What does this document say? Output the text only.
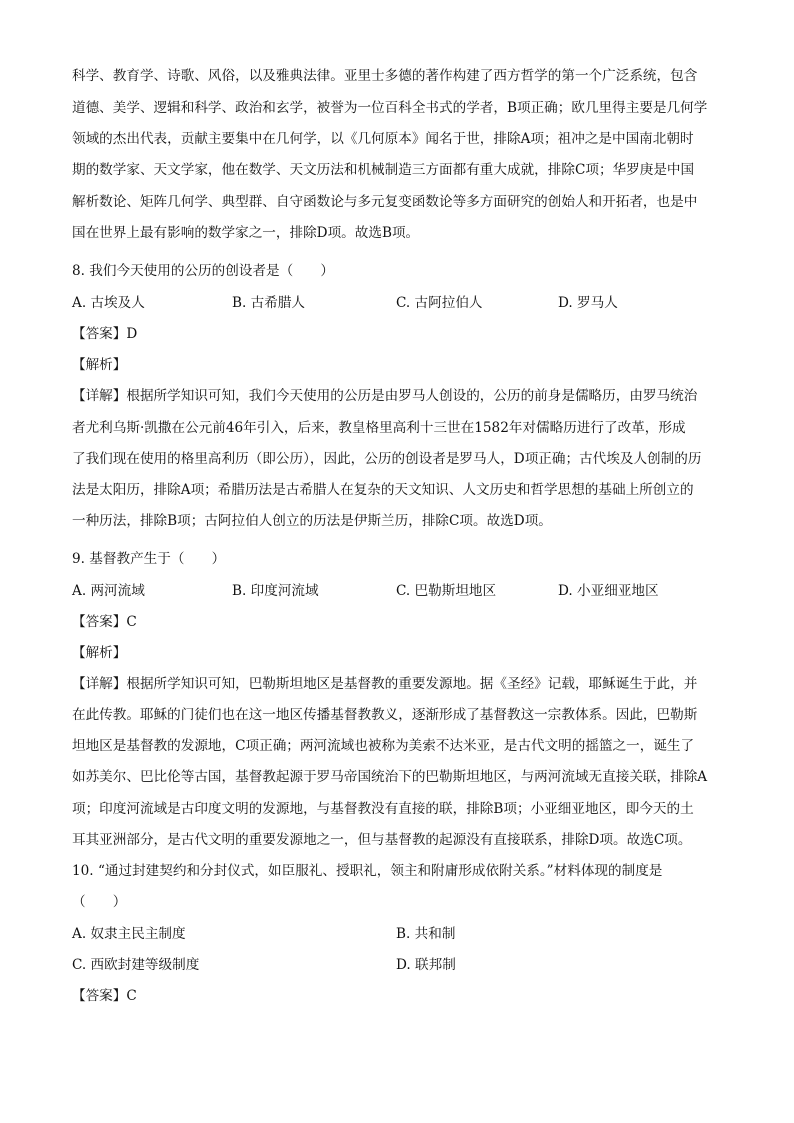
科学、教育学、诗歌、风俗，以及雅典法律。亚里士多德的著作构建了西方哲学的第一个广泛系统，包含
道德、美学、逻辑和科学、政治和玄学，被誉为一位百科全书式的学者，B项正确；欧几里得主要是几何学
领域的杰出代表，贡献主要集中在几何学，以《几何原本》闻名于世，排除A项；祖冲之是中国南北朝时
期的数学家、天文学家，他在数学、天文历法和机械制造三方面都有重大成就，排除C项；华罗庚是中国
解析数论、矩阵几何学、典型群、自守函数论与多元复变函数论等多方面研究的创始人和开拓者，也是中
国在世界上最有影响的数学家之一，排除D项。故选B项。
8. 我们今天使用的公历的创设者是（　　）
A. 古埃及人	B. 古希腊人	C. 古阿拉伯人	D. 罗马人
【答案】D
【解析】
【详解】根据所学知识可知，我们今天使用的公历是由罗马人创设的，公历的前身是儒略历，由罗马统治
者尤利乌斯·凯撒在公元前46年引入，后来，教皇格里高利十三世在1582年对儒略历进行了改革，形成
了我们现在使用的格里高利历（即公历），因此，公历的创设者是罗马人，D项正确；古代埃及人创制的历
法是太阳历，排除A项；希腊历法是古希腊人在复杂的天文知识、人文历史和哲学思想的基础上所创立的
一种历法，排除B项；古阿拉伯人创立的历法是伊斯兰历，排除C项。故选D项。
9. 基督教产生于（　　）
A. 两河流域	B. 印度河流域	C. 巴勒斯坦地区	D. 小亚细亚地区
【答案】C
【解析】
【详解】根据所学知识可知，巴勒斯坦地区是基督教的重要发源地。据《圣经》记载，耶稣诞生于此，并
在此传教。耶稣的门徒们也在这一地区传播基督教教义，逐渐形成了基督教这一宗教体系。因此，巴勒斯
坦地区是基督教的发源地，C项正确；两河流域也被称为美索不达米亚，是古代文明的摇篮之一，诞生了
如苏美尔、巴比伦等古国，基督教起源于罗马帝国统治下的巴勒斯坦地区，与两河流域无直接关联，排除A
项；印度河流域是古印度文明的发源地，与基督教没有直接的联，排除B项；小亚细亚地区，即今天的土
耳其亚洲部分，是古代文明的重要发源地之一，但与基督教的起源没有直接联系，排除D项。故选C项。
10. “通过封建契约和分封仪式，如臣服礼、授职礼，领主和附庸形成依附关系。”材料体现的制度是
（　　）
A. 奴隶主民主制度	B. 共和制
C. 西欧封建等级制度	D. 联邦制
【答案】C
